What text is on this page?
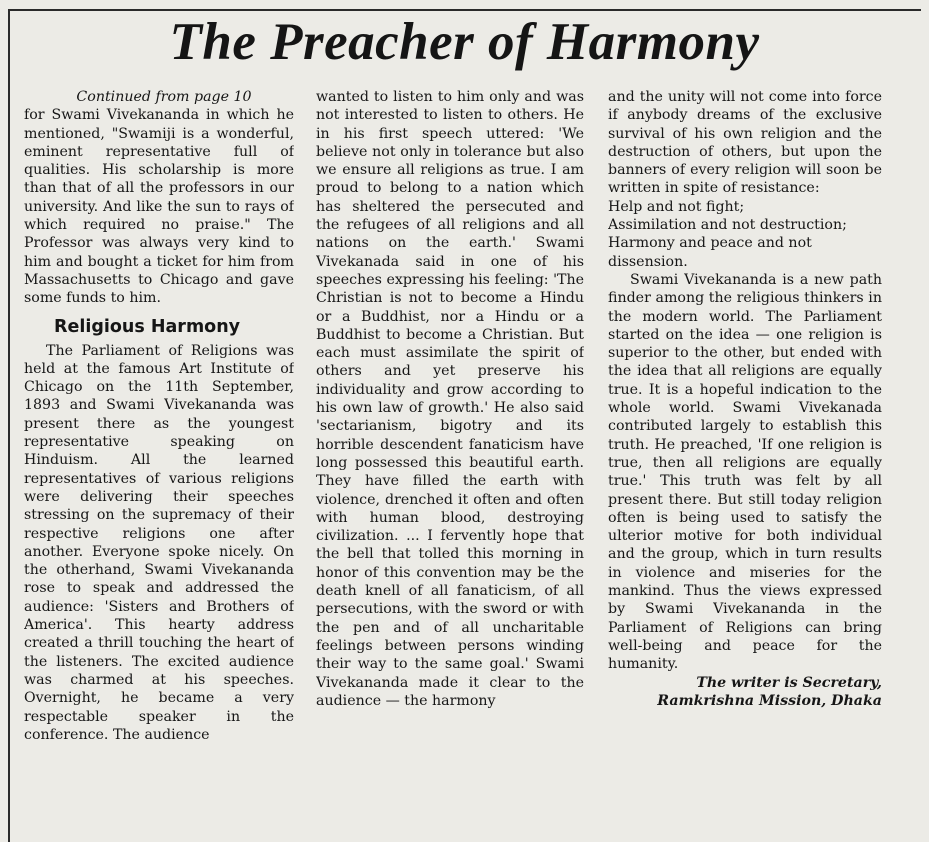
The Preacher of Harmony

Continued from page 10

for Swami Vivekananda in which he mentioned, "Swamiji is a wonderful, eminent representative full of qualities. His scholarship is more than that of all the professors in our university. And like the sun to rays of which required no praise." The Professor was always very kind to him and bought a ticket for him from Massachusetts to Chicago and gave some funds to him.

Religious Harmony

The Parliament of Religions was held at the famous Art Institute of Chicago on the 11th September, 1893 and Swami Vivekananda was present there as the youngest representative speaking on Hinduism. All the learned representatives of various religions were delivering their speeches stressing on the supremacy of their respective religions one after another. Everyone spoke nicely. On the otherhand, Swami Vivekananda rose to speak and addressed the audience: 'Sisters and Brothers of America'. This hearty address created a thrill touching the heart of the listeners. The excited audience was charmed at his speeches. Overnight, he became a very respectable speaker in the conference. The audience

wanted to listen to him only and was not interested to listen to others. He in his first speech uttered: 'We believe not only in tolerance but also we ensure all religions as true. I am proud to belong to a nation which has sheltered the persecuted and the refugees of all religions and all nations on the earth.' Swami Vivekanada said in one of his speeches expressing his feeling: 'The Christian is not to become a Hindu or a Buddhist, nor a Hindu or a Buddhist to become a Christian. But each must assimilate the spirit of others and yet preserve his individuality and grow according to his own law of growth.' He also said 'sectarianism, bigotry and its horrible descendent fanaticism have long possessed this beautiful earth. They have filled the earth with violence, drenched it often and often with human blood, destroying civilization. ... I fervently hope that the bell that tolled this morning in honor of this convention may be the death knell of all fanaticism, of all persecutions, with the sword or with the pen and of all uncharitable feelings between persons winding their way to the same goal.' Swami Vivekananda made it clear to the audience — the harmony

and the unity will not come into force if anybody dreams of the exclusive survival of his own religion and the destruction of others, but upon the banners of every religion will soon be written in spite of resistance:

Help and not fight;

Assimilation and not destruction;

Harmony and peace and not dissension.

Swami Vivekananda is a new path finder among the religious thinkers in the modern world. The Parliament started on the idea — one religion is superior to the other, but ended with the idea that all religions are equally true. It is a hopeful indication to the whole world. Swami Vivekanada contributed largely to establish this truth. He preached, 'If one religion is true, then all religions are equally true.' This truth was felt by all present there. But still today religion often is being used to satisfy the ulterior motive for both individual and the group, which in turn results in violence and miseries for the mankind. Thus the views expressed by Swami Vivekananda in the Parliament of Religions can bring well-being and peace for the humanity.

The writer is Secretary, Ramkrishna Mission, Dhaka
